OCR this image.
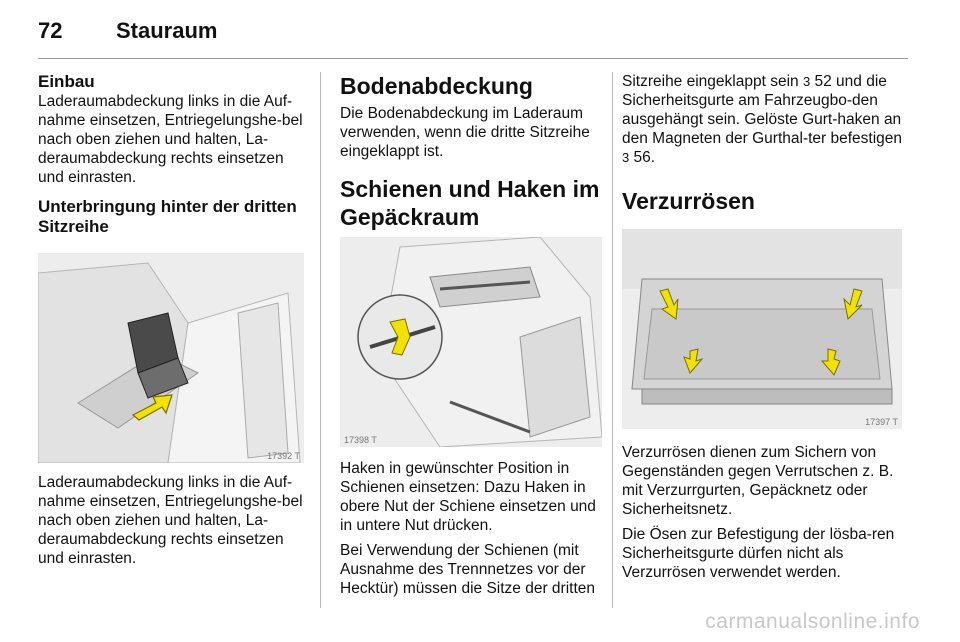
72 Stauraum
Einbau

Laderaumabdeckung links in die Auf-nahme einsetzen, Entriegelungshe-bel nach oben ziehen und halten, La-deraumabdeckung rechts einsetzen und einrasten.

Unterbringung hinter der dritten Sitzreihe
17392 T

Laderaumabdeckung links in die Auf-nahme einsetzen, Entriegelungshe-bel nach oben ziehen und halten, La-deraumabdeckung rechts einsetzen und einrasten.

Bodenabdeckung

Die Bodenabdeckung im Laderaum verwenden, wenn die dritte Sitzreihe eingeklappt ist.

Schienen und Haken im Gepäckraum
17398 T

Haken in gewünschter Position in Schienen einsetzen: Dazu Haken in obere Nut der Schiene einsetzen und in untere Nut drücken.

Bei Verwendung der Schienen (mit Ausnahme des Trennnetzes vor der Hecktür) müssen die Sitze der dritten

Sitzreihe eingeklappt sein 3 52 und die Sicherheitsgurte am Fahrzeugbo-den ausgehängt sein. Gelöste Gurt-haken an den Magneten der Gurthal-ter befestigen 3 56.

Verzurrösen
17397 T

Verzurrösen dienen zum Sichern von Gegenständen gegen Verrutschen z. B. mit Verzurrgurten, Gepäcknetz oder Sicherheitsnetz.

Die Ösen zur Befestigung der lösba-ren Sicherheitsgurte dürfen nicht als Verzurrösen verwendet werden.

carmanualsonline.info
